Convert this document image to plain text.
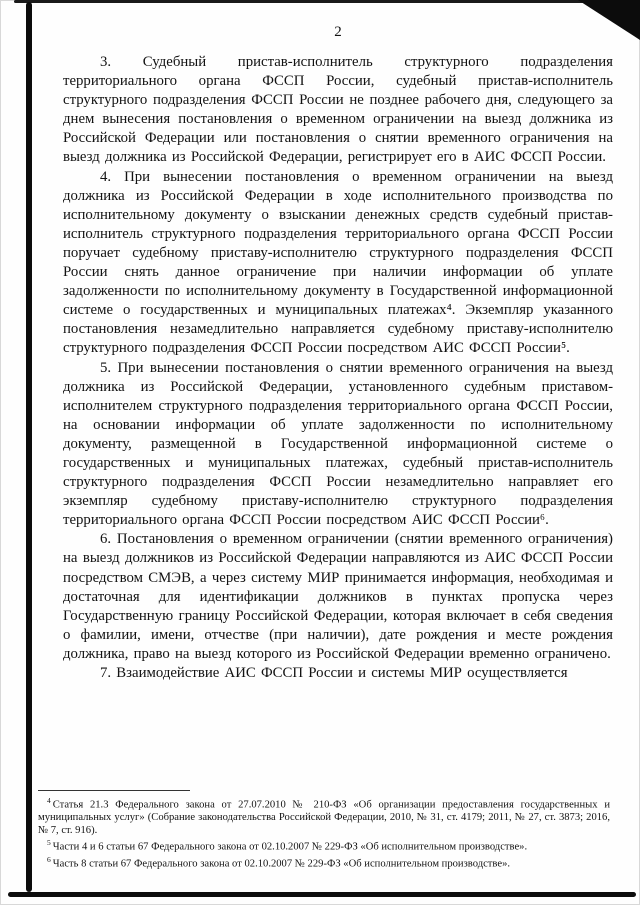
2

3. Судебный пристав-исполнитель структурного подразделения территориального органа ФССП России, судебный пристав-исполнитель структурного подразделения ФССП России не позднее рабочего дня, следующего за днем вынесения постановления о временном ограничении на выезд должника из Российской Федерации или постановления о снятии временного ограничения на выезд должника из Российской Федерации, регистрирует его в АИС ФССП России.

4. При вынесении постановления о временном ограничении на выезд должника из Российской Федерации в ходе исполнительного производства по исполнительному документу о взыскании денежных средств судебный пристав-исполнитель структурного подразделения территориального органа ФССП России поручает судебному приставу-исполнителю структурного подразделения ФССП России снять данное ограничение при наличии информации об уплате задолженности по исполнительному документу в Государственной информационной системе о государственных и муниципальных платежах⁴. Экземпляр указанного постановления незамедлительно направляется судебному приставу-исполнителю структурного подразделения ФССП России посредством АИС ФССП России⁵.

5. При вынесении постановления о снятии временного ограничения на выезд должника из Российской Федерации, установленного судебным приставом-исполнителем структурного подразделения территориального органа ФССП России, на основании информации об уплате задолженности по исполнительному документу, размещенной в Государственной информационной системе о государственных и муниципальных платежах, судебный пристав-исполнитель структурного подразделения ФССП России незамедлительно направляет его экземпляр судебному приставу-исполнителю структурного подразделения территориального органа ФССП России посредством АИС ФССП России⁶.

6. Постановления о временном ограничении (снятии временного ограничения) на выезд должников из Российской Федерации направляются из АИС ФССП России посредством СМЭВ, а через систему МИР принимается информация, необходимая и достаточная для идентификации должников в пунктах пропуска через Государственную границу Российской Федерации, которая включает в себя сведения о фамилии, имени, отчестве (при наличии), дате рождения и месте рождения должника, право на выезд которого из Российской Федерации временно ограничено.

7. Взаимодействие АИС ФССП России и системы МИР осуществляется

$^4$ Статья 21.3 Федерального закона от 27.07.2010 № 210-ФЗ «Об организации предоставления государственных и муниципальных услуг» (Собрание законодательства Российской Федерации, 2010, № 31, ст. 4179; 2011, № 27, ст. 3873; 2016, № 7, ст. 916).

$^5$ Части 4 и 6 статьи 67 Федерального закона от 02.10.2007 № 229-ФЗ «Об исполнительном производстве».

$^6$ Часть 8 статьи 67 Федерального закона от 02.10.2007 № 229-ФЗ «Об исполнительном производстве».
